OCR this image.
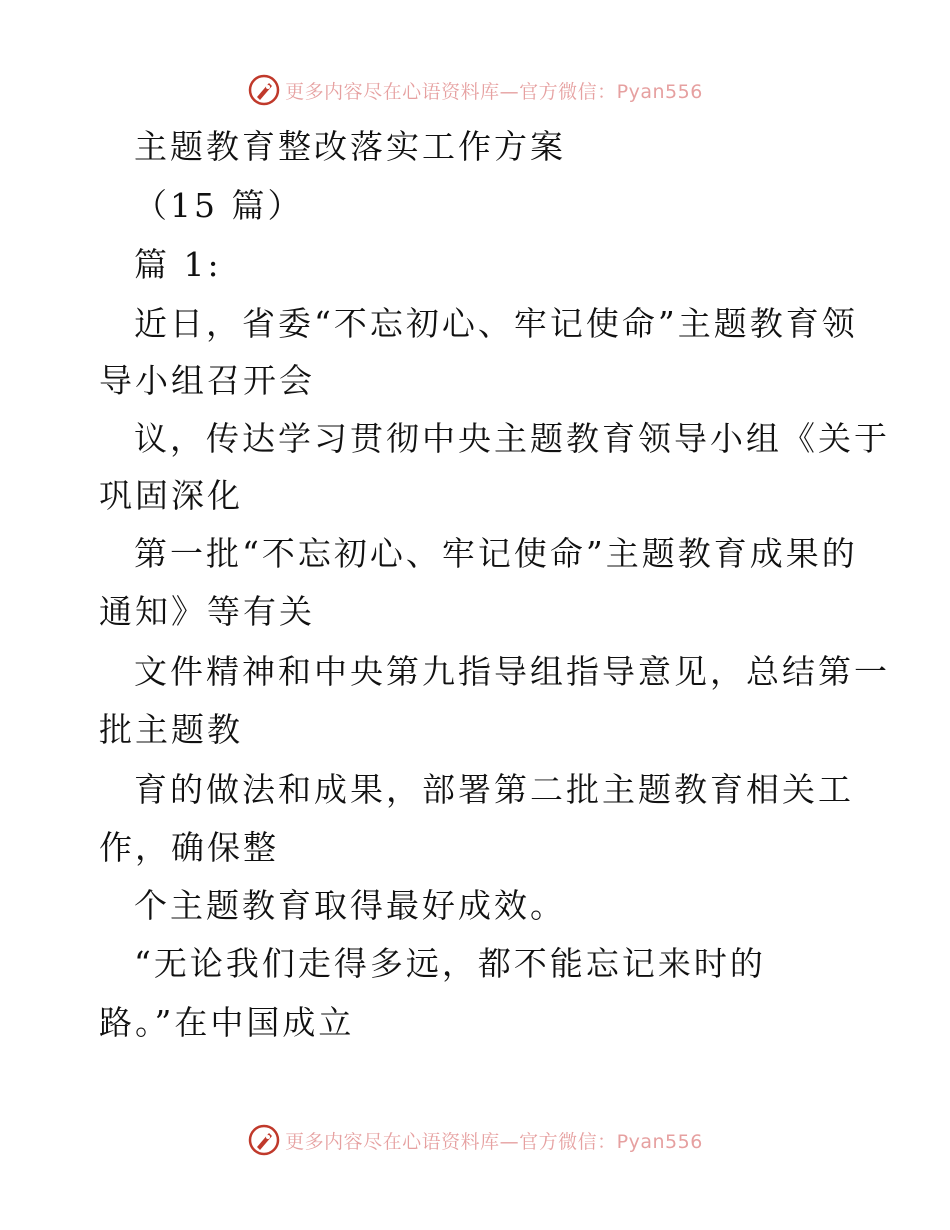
更多内容尽在心语资料库—官方微信：Pyan556
主题教育整改落实工作方案
（15 篇）
篇 1:
近日，省委“不忘初心、牢记使命”主题教育领
导小组召开会
议，传达学习贯彻中央主题教育领导小组《关于
巩固深化
第一批“不忘初心、牢记使命”主题教育成果的
通知》等有关
文件精神和中央第九指导组指导意见，总结第一
批主题教
育的做法和成果，部署第二批主题教育相关工
作，确保整
个主题教育取得最好成效。
“无论我们走得多远，都不能忘记来时的
路。”在中国成立
更多内容尽在心语资料库—官方微信：Pyan556
